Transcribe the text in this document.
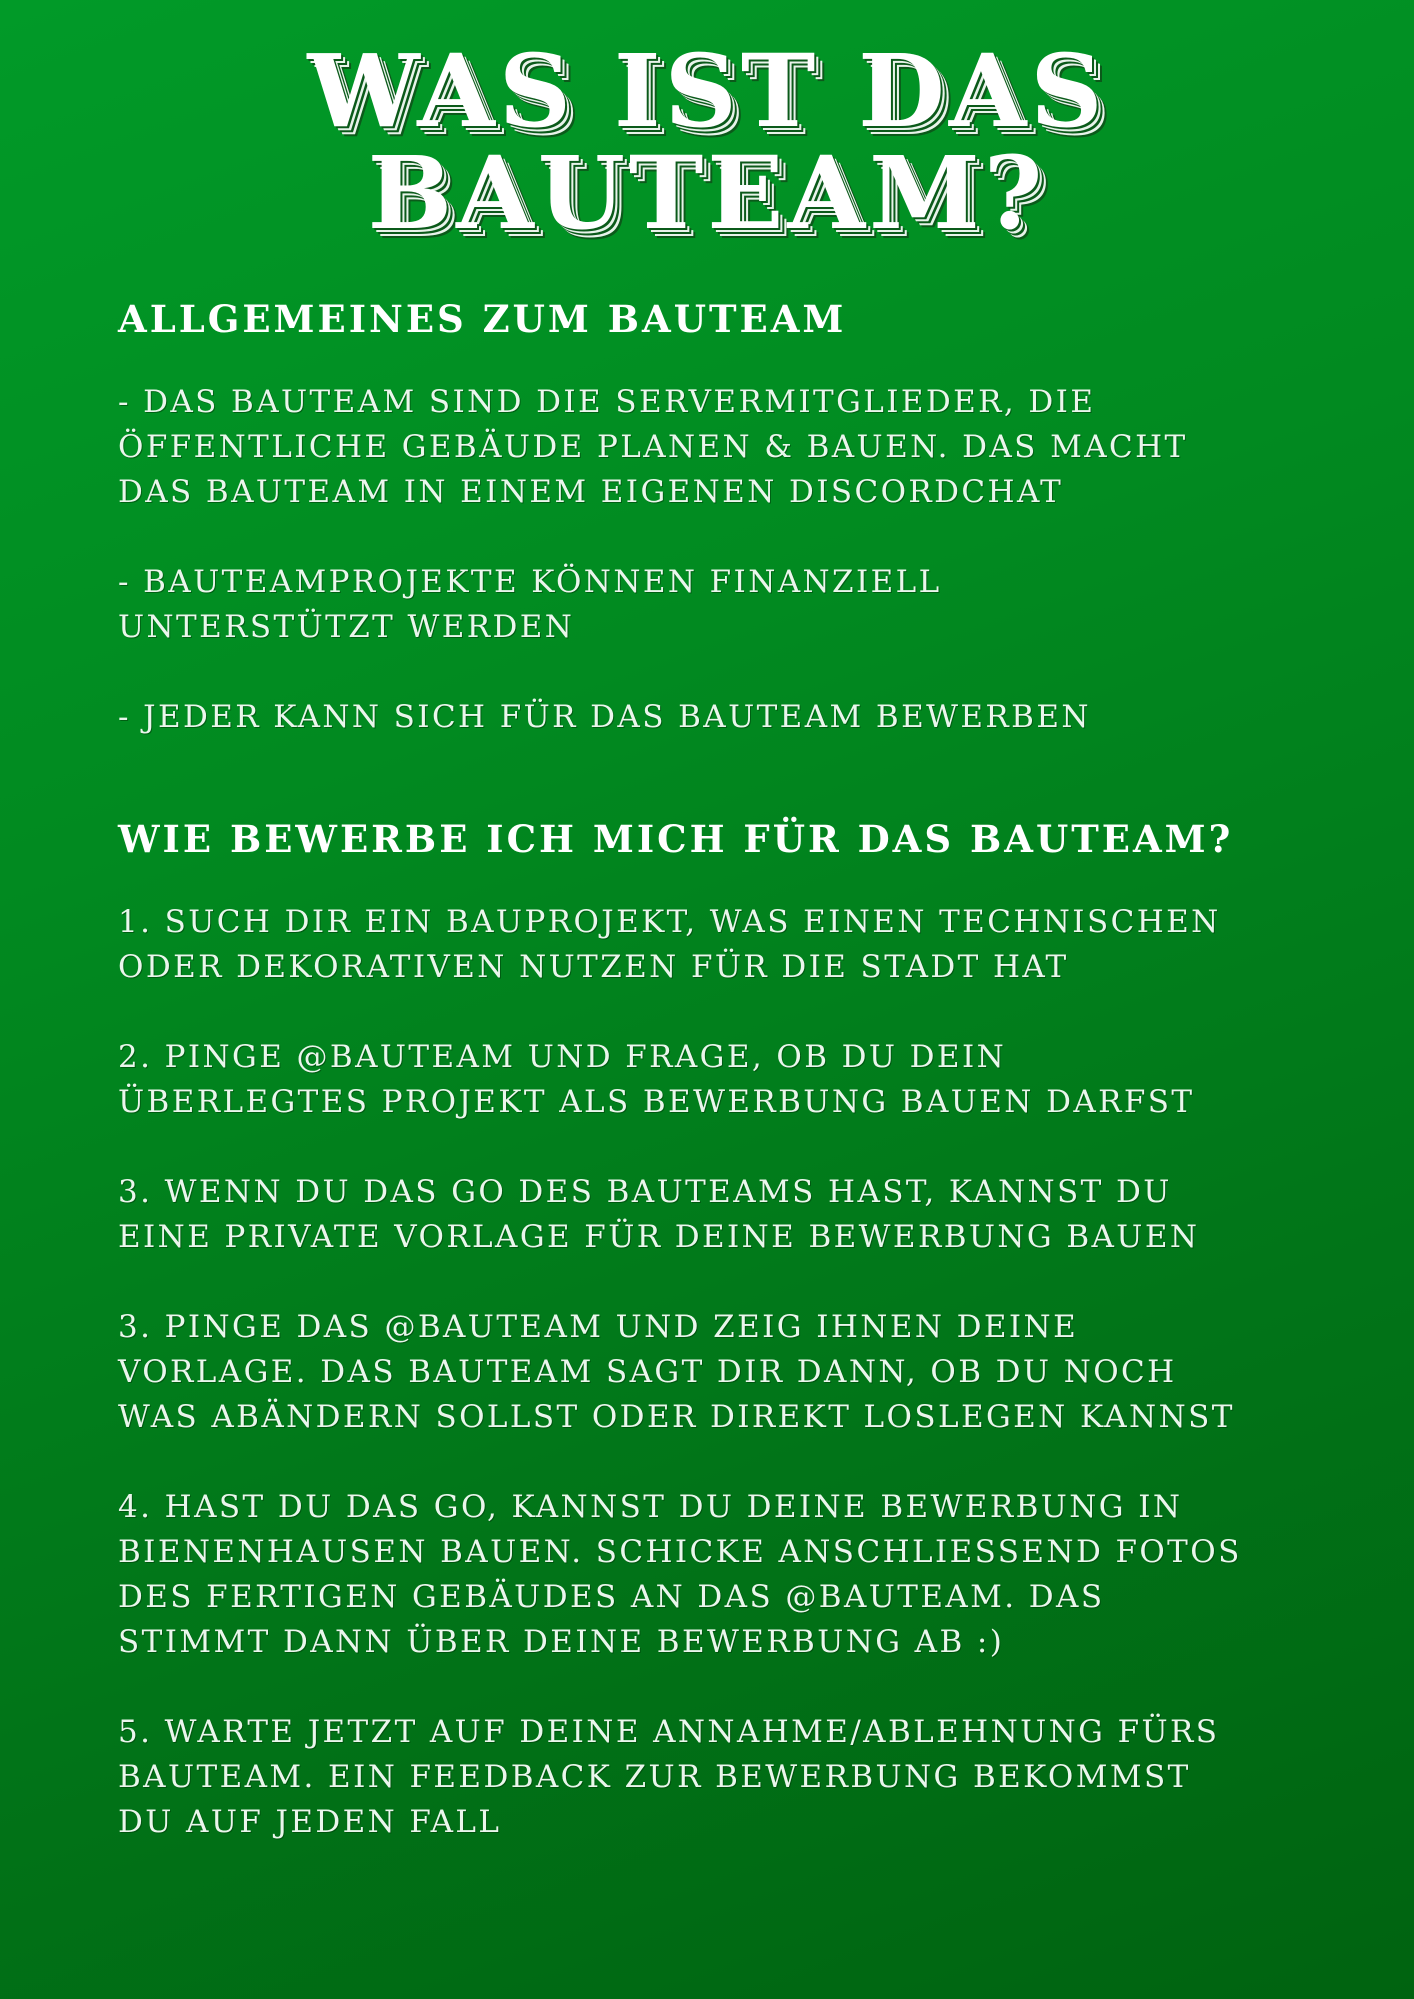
WAS IST DAS
BAUTEAM?
ALLGEMEINES ZUM BAUTEAM

- DAS BAUTEAM SIND DIE SERVERMITGLIEDER, DIE
ÖFFENTLICHE GEBÄUDE PLANEN & BAUEN. DAS MACHT
DAS BAUTEAM IN EINEM EIGENEN DISCORDCHAT

- BAUTEAMPROJEKTE KÖNNEN FINANZIELL
UNTERSTÜTZT WERDEN

- JEDER KANN SICH FÜR DAS BAUTEAM BEWERBEN

WIE BEWERBE ICH MICH FÜR DAS BAUTEAM?

1. SUCH DIR EIN BAUPROJEKT, WAS EINEN TECHNISCHEN
ODER DEKORATIVEN NUTZEN FÜR DIE STADT HAT

2. PINGE @BAUTEAM UND FRAGE, OB DU DEIN
ÜBERLEGTES PROJEKT ALS BEWERBUNG BAUEN DARFST

3. WENN DU DAS GO DES BAUTEAMS HAST, KANNST DU
EINE PRIVATE VORLAGE FÜR DEINE BEWERBUNG BAUEN

3. PINGE DAS @BAUTEAM UND ZEIG IHNEN DEINE
VORLAGE. DAS BAUTEAM SAGT DIR DANN, OB DU NOCH
WAS ABÄNDERN SOLLST ODER DIREKT LOSLEGEN KANNST

4. HAST DU DAS GO, KANNST DU DEINE BEWERBUNG IN
BIENENHAUSEN BAUEN. SCHICKE ANSCHLIESSEND FOTOS
DES FERTIGEN GEBÄUDES AN DAS @BAUTEAM. DAS
STIMMT DANN ÜBER DEINE BEWERBUNG AB :)

5. WARTE JETZT AUF DEINE ANNAHME/ABLEHNUNG FÜRS
BAUTEAM. EIN FEEDBACK ZUR BEWERBUNG BEKOMMST
DU AUF JEDEN FALL
